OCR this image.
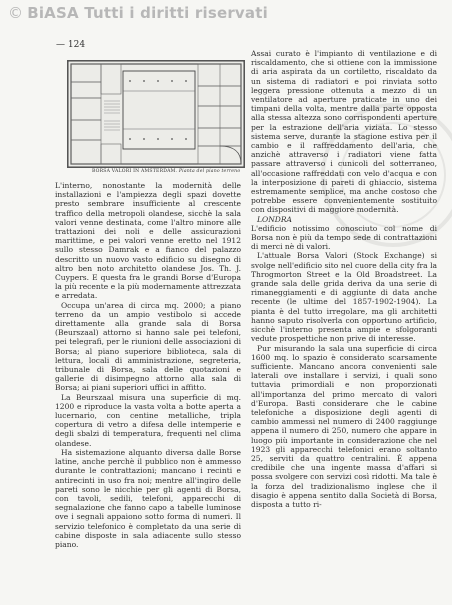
© BiASA Tutti i diritti riservati
— 124
BORSA VALORI IN AMSTERDAM. Pianta del piano terreno

L'interno, nonostante la modernità delle installazioni e l'ampiezza degli spazi dovette presto sembrare insufficiente al crescente traffico della metropoli olandese, sicchè la sala valori venne destinata, come l'altro minore alle trattazioni dei noli e delle assicurazioni marittime, e pei valori venne eretto nel 1912 sullo stesso Damrak e a fianco del palazzo descritto un nuovo vasto edificio su disegno di altro ben noto architetto olandese Jos. Th. J. Cuypers. E questa fra le grandi Borse d'Europa la più recente e la più modernamente attrezzata e arredata.

Occupa un'area di circa mq. 2000; a piano terreno da un ampio vestibolo si accede direttamente alla grande sala di Borsa (Beurszaal) attorno si hanno sale pei telefoni, pei telegrafi, per le riunioni delle associazioni di Borsa; al piano superiore biblioteca, sala di lettura, locali di amministrazione, segreteria, tribunale di Borsa, sala delle quotazioni e gallerie di disimpegno attorno alla sala di Borsa; ai piani superiori uffici in affitto.

La Beurszaal misura una superficie di mq. 1200 e riproduce la vasta volta a botte aperta a lucernario, con centine metalliche, tripla copertura di vetro a difesa delle intemperie e degli sbalzi di temperatura, frequenti nel clima olandese.

Ha sistemazione alquanto diversa dalle Borse latine, anche perchè il pubblico non è ammesso durante le contrattazioni; mancano i recinti e antirecinti in uso fra noi; mentre all'ingiro delle pareti sono le nicchie per gli agenti di Borsa, con tavoli, sedili, telefoni, apparecchi di segnalazione che fanno capo a tabelle luminose ove i segnali appaiono sotto forma di numeri. Il servizio telefonico è completato da una serie di cabine disposte in sala adiacente sullo stesso piano.

Assai curato è l'impianto di ventilazione e di riscaldamento, che si ottiene con la immissione di aria aspirata da un cortiletto, riscaldato da un sistema di radiatori e poi rinviata sotto leggera pressione ottenuta a mezzo di un ventilatore ad aperture praticate in uno dei timpani della volta, mentre dalla parte opposta alla stessa altezza sono corrispondenti aperture per la estrazione dell'aria viziata. Lo stesso sistema serve, durante la stagione estiva per il cambio e il raffreddamento dell'aria, che anzichè attraverso i radiatori viene fatta passare attraverso i cunicoli del sotterraneo, all'occasione raffreddati con velo d'acqua e con la interposizione di pareti di ghiaccio, sistema estremamente semplice, ma anche costoso che potrebbe essere convenientemente sostituito con dispositivi di maggiore modernità.

LONDRA

L'edificio notissimo conosciuto col nome di Borsa non è più da tempo sede di contrattazioni di merci nè di valori.

L'attuale Borsa Valori (Stock Exchange) si svolge nell'edificio sito nel cuore della city fra la Throgmorton Street e la Old Broadstreet. La grande sala delle grida deriva da una serie di rimaneggiamenti e di aggiunte di data anche recente (le ultime del 1857-1902-1904). La pianta è del tutto irregolare, ma gli architetti hanno saputo risolverla con opportuno artificio, sicchè l'interno presenta ampie e sfolgoranti vedute prospettiche non prive di interesse.

Pur misurando la sala una superficie di circa 1600 mq. lo spazio è considerato scarsamente sufficiente. Mancano ancora convenienti sale laterali ove installare i servizi, i quali sono tuttavia primordiali e non proporzionati all'importanza del primo mercato di valori d'Europa. Basti considerare che le cabine telefoniche a disposizione degli agenti di cambio ammessi nel numero di 2400 raggiunge appena il numero di 250, numero che appare in luogo più importante in considerazione che nel 1923 gli apparecchi telefonici erano soltanto 25, serviti da quattro centralini. È appena credibile che una ingente massa d'affari si possa svolgere con servizi così ridotti. Ma tale è la forza del tradizionalismo inglese che il disagio è appena sentito dalla Società di Borsa, disposta a tutto ri-
